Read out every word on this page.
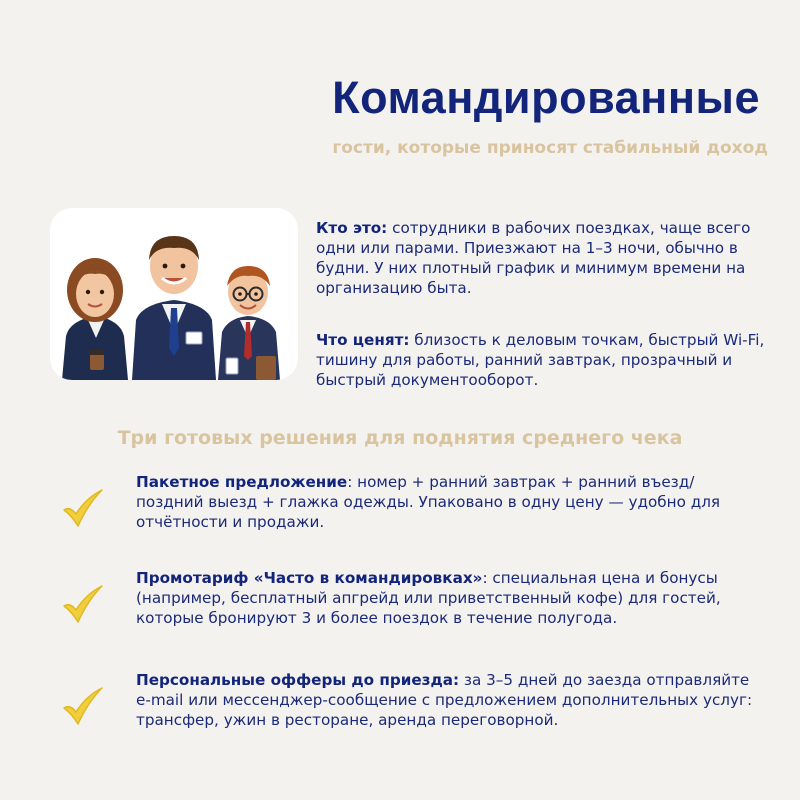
Командированные
гости, которые приносят стабильный доход
Кто это: сотрудники в рабочих поездках, чаще всего одни или парами. Приезжают на 1–3 ночи, обычно в будни. У них плотный график и минимум времени на организацию быта.
Что ценят: близость к деловым точкам, быстрый Wi‑Fi, тишину для работы, ранний завтрак, прозрачный и быстрый документооборот.
Три готовых решения для поднятия среднего чека
Пакетное предложение: номер + ранний завтрак + ранний въезд/поздний выезд + глажка одежды. Упаковано в одну цену — удобно для отчётности и продажи.
Промотариф «Часто в командировках»: специальная цена и бонусы (например, бесплатный апгрейд или приветственный кофе) для гостей, которые бронируют 3 и более поездок в течение полугода.
Персональные офферы до приезда: за 3–5 дней до заезда отправляйте e-mail или мессенджер-сообщение с предложением дополнительных услуг: трансфер, ужин в ресторане, аренда переговорной.
